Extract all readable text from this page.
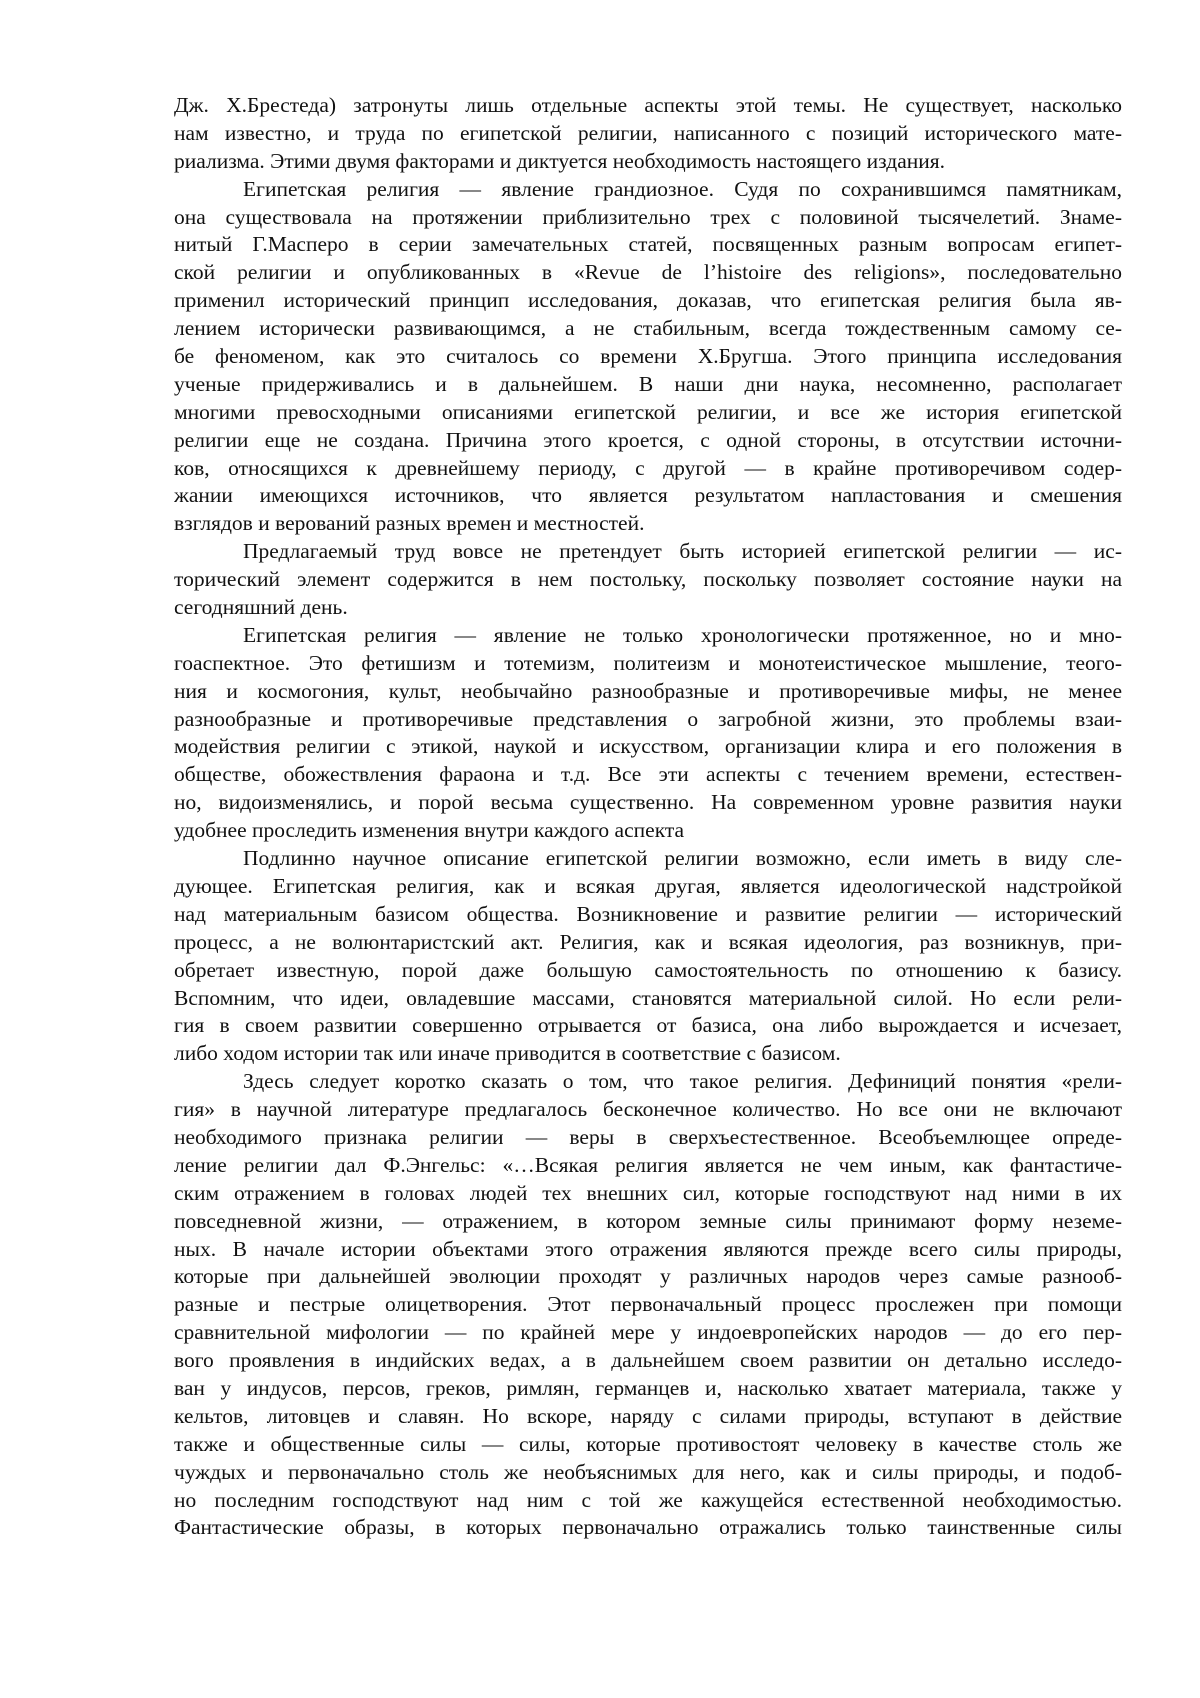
Дж. Х.Брестеда) затронуты лишь отдельные аспекты этой темы. Не существует, насколько
нам известно, и труда по египетской религии, написанного с позиций исторического мате-
риализма. Этими двумя факторами и диктуется необходимость настоящего издания.
Египетская религия — явление грандиозное. Судя по сохранившимся памятникам,
она существовала на протяжении приблизительно трех с половиной тысячелетий. Знаме-
нитый Г.Масперо в серии замечательных статей, посвященных разным вопросам египет-
ской религии и опубликованных в «Revue de l’histoire des religions», последовательно
применил исторический принцип исследования, доказав, что египетская религия была яв-
лением исторически развивающимся, а не стабильным, всегда тождественным самому се-
бе феноменом, как это считалось со времени Х.Бругша. Этого принципа исследования
ученые придерживались и в дальнейшем. В наши дни наука, несомненно, располагает
многими превосходными описаниями египетской религии, и все же история египетской
религии еще не создана. Причина этого кроется, с одной стороны, в отсутствии источни-
ков, относящихся к древнейшему периоду, с другой — в крайне противоречивом содер-
жании имеющихся источников, что является результатом напластования и смешения
взглядов и верований разных времен и местностей.
Предлагаемый труд вовсе не претендует быть историей египетской религии — ис-
торический элемент содержится в нем постольку, поскольку позволяет состояние науки на
сегодняшний день.
Египетская религия — явление не только хронологически протяженное, но и мно-
гоаспектное. Это фетишизм и тотемизм, политеизм и монотеистическое мышление, теого-
ния и космогония, культ, необычайно разнообразные и противоречивые мифы, не менее
разнообразные и противоречивые представления о загробной жизни, это проблемы взаи-
модействия религии с этикой, наукой и искусством, организации клира и его положения в
обществе, обожествления фараона и т.д. Все эти аспекты с течением времени, естествен-
но, видоизменялись, и порой весьма существенно. На современном уровне развития науки
удобнее проследить изменения внутри каждого аспекта
Подлинно научное описание египетской религии возможно, если иметь в виду сле-
дующее. Египетская религия, как и всякая другая, является идеологической надстройкой
над материальным базисом общества. Возникновение и развитие религии — исторический
процесс, а не волюнтаристский акт. Религия, как и всякая идеология, раз возникнув, при-
обретает известную, порой даже большую самостоятельность по отношению к базису.
Вспомним, что идеи, овладевшие массами, становятся материальной силой. Но если рели-
гия в своем развитии совершенно отрывается от базиса, она либо вырождается и исчезает,
либо ходом истории так или иначе приводится в соответствие с базисом.
Здесь следует коротко сказать о том, что такое религия. Дефиниций понятия «рели-
гия» в научной литературе предлагалось бесконечное количество. Но все они не включают
необходимого признака религии — веры в сверхъестественное. Всеобъемлющее опреде-
ление религии дал Ф.Энгельс: «…Всякая религия является не чем иным, как фантастиче-
ским отражением в головах людей тех внешних сил, которые господствуют над ними в их
повседневной жизни, — отражением, в котором земные силы принимают форму неземе-
ных. В начале истории объектами этого отражения являются прежде всего силы природы,
которые при дальнейшей эволюции проходят у различных народов через самые разнооб-
разные и пестрые олицетворения. Этот первоначальный процесс прослежен при помощи
сравнительной мифологии — по крайней мере у индоевропейских народов — до его пер-
вого проявления в индийских ведах, а в дальнейшем своем развитии он детально исследо-
ван у индусов, персов, греков, римлян, германцев и, насколько хватает материала, также у
кельтов, литовцев и славян. Но вскоре, наряду с силами природы, вступают в действие
также и общественные силы — силы, которые противостоят человеку в качестве столь же
чуждых и первоначально столь же необъяснимых для него, как и силы природы, и подоб-
но последним господствуют над ним с той же кажущейся естественной необходимостью.
Фантастические образы, в которых первоначально отражались только таинственные силы
